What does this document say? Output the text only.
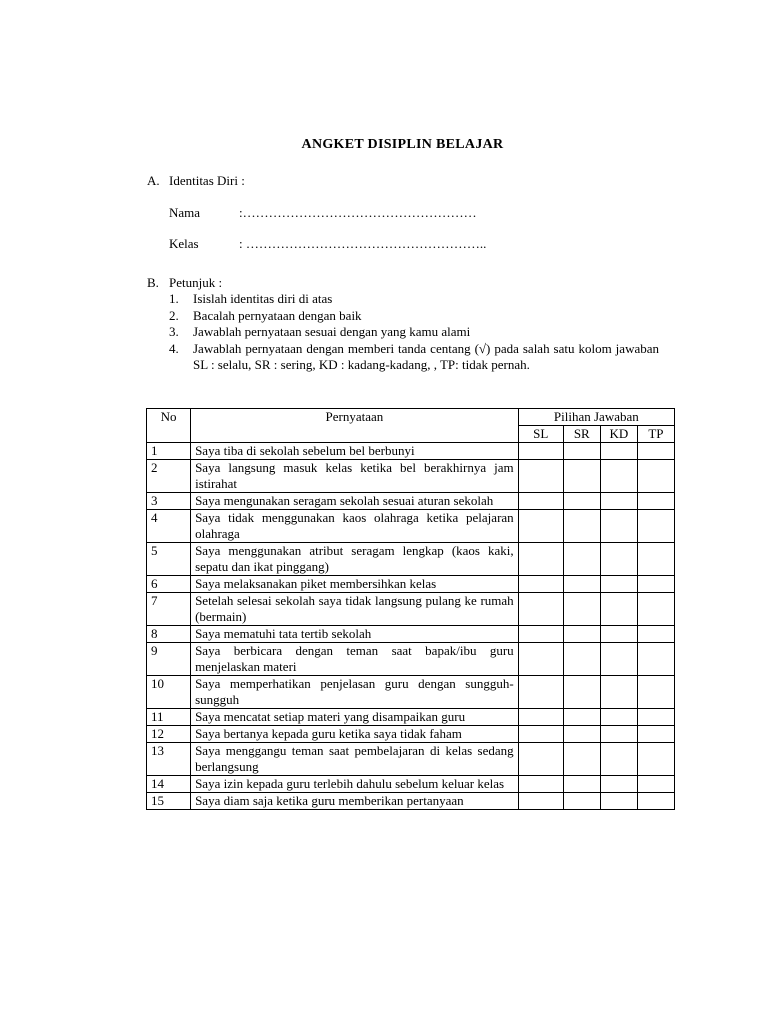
ANGKET DISIPLIN BELAJAR
A. Identitas Diri :
Nama	:………………………………………………
Kelas	: ………………………………………………..
B. Petunjuk :
1.	Isislah identitas diri di atas
2.	Bacalah pernyataan dengan baik
3.	Jawablah pernyataan sesuai dengan yang kamu alami
4.	Jawablah pernyataan dengan memberi tanda centang (√) pada salah satu kolom jawaban SL : selalu, SR : sering, KD : kadang-kadang, , TP: tidak pernah.
No	Pernyataan	Pilihan Jawaban			
		SL	SR	KD	TP
1	Saya tiba di sekolah sebelum bel berbunyi				
2	Saya langsung masuk kelas ketika bel berakhirnya jam istirahat				
3	Saya mengunakan seragam sekolah sesuai aturan sekolah				
4	Saya tidak menggunakan kaos olahraga ketika pelajaran olahraga				
5	Saya menggunakan atribut seragam lengkap (kaos kaki, sepatu dan ikat pinggang)				
6	Saya melaksanakan piket membersihkan kelas				
7	Setelah selesai sekolah saya tidak langsung pulang ke rumah (bermain)				
8	Saya mematuhi tata tertib sekolah				
9	Saya berbicara dengan teman saat bapak/ibu guru menjelaskan materi				
10	Saya memperhatikan penjelasan guru dengan sungguh-sungguh				
11	Saya mencatat setiap materi yang disampaikan guru				
12	Saya bertanya kepada guru ketika saya tidak faham				
13	Saya menggangu teman saat pembelajaran di kelas sedang berlangsung				
14	Saya izin kepada guru terlebih dahulu sebelum keluar kelas				
15	Saya diam saja ketika guru memberikan pertanyaan				
